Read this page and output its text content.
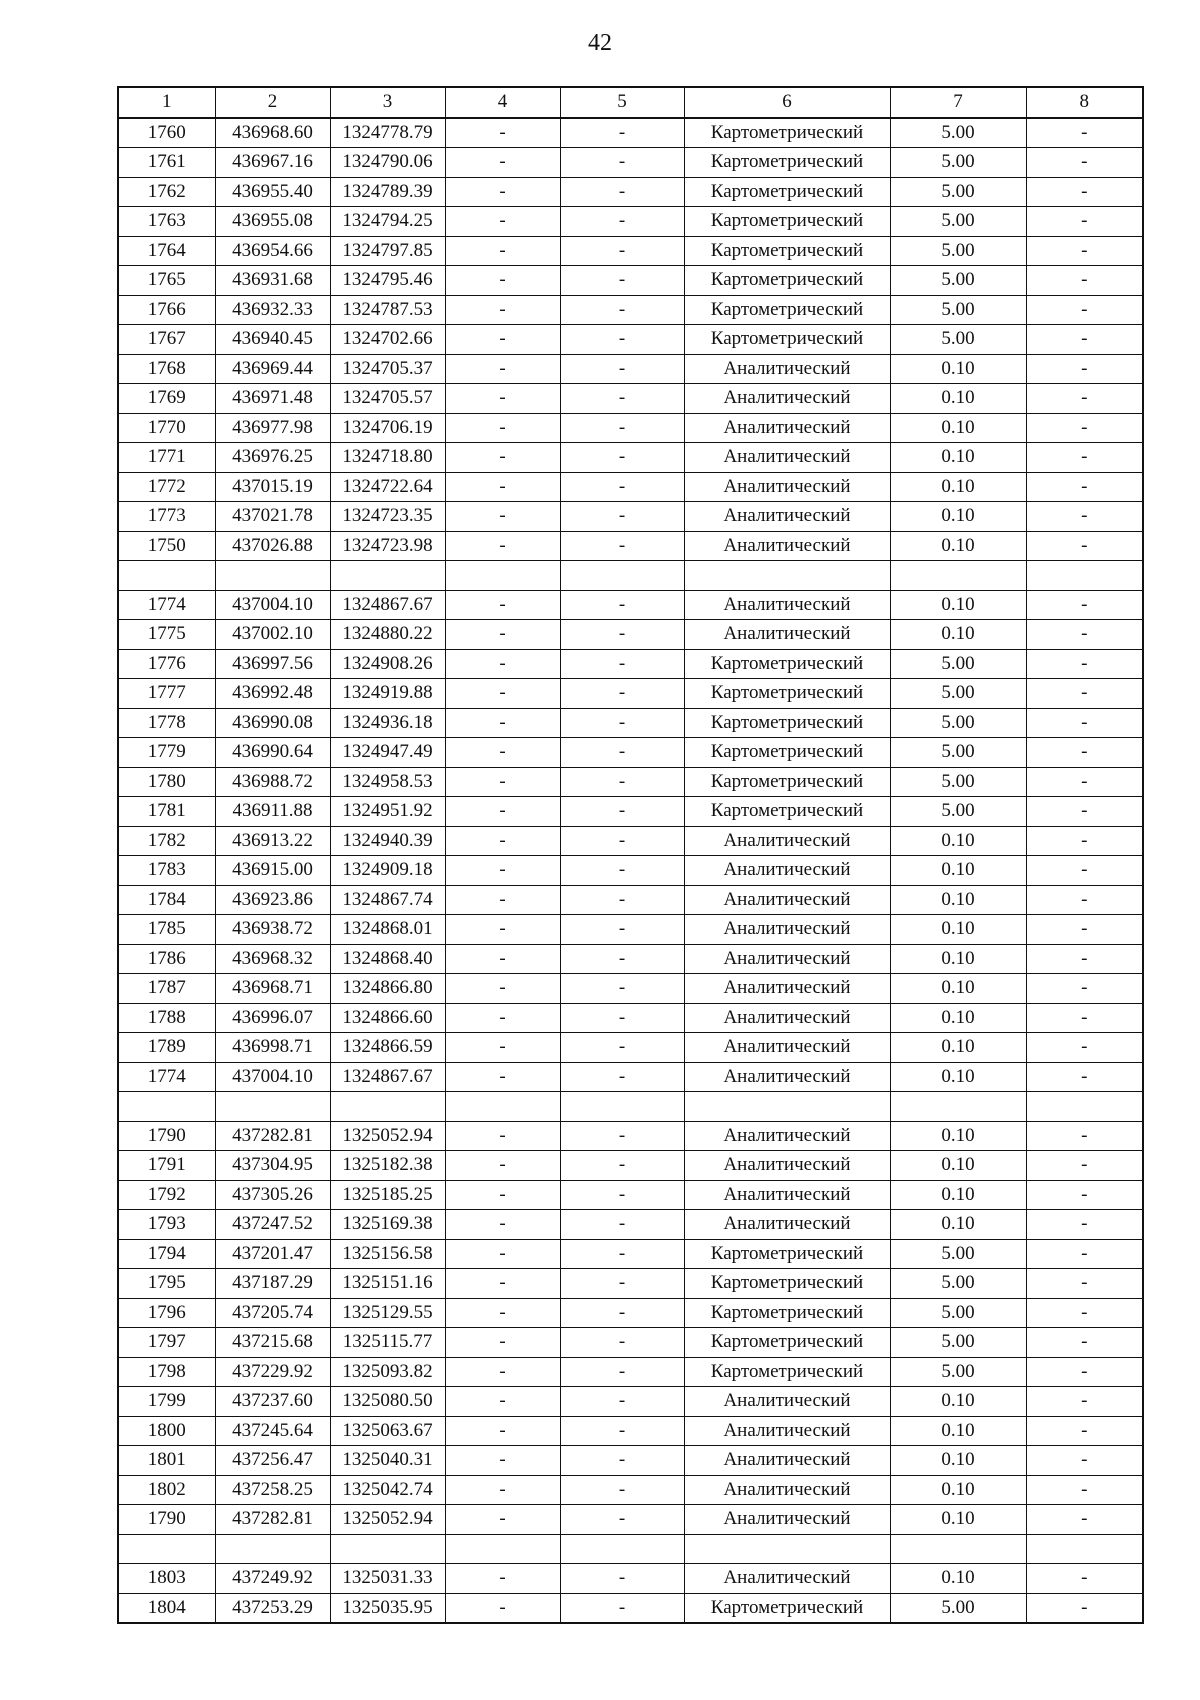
42
1	2	3	4	5	6	7	8
1760	436968.60	1324778.79	-	-	Картометрический	5.00	-
1761	436967.16	1324790.06	-	-	Картометрический	5.00	-
1762	436955.40	1324789.39	-	-	Картометрический	5.00	-
1763	436955.08	1324794.25	-	-	Картометрический	5.00	-
1764	436954.66	1324797.85	-	-	Картометрический	5.00	-
1765	436931.68	1324795.46	-	-	Картометрический	5.00	-
1766	436932.33	1324787.53	-	-	Картометрический	5.00	-
1767	436940.45	1324702.66	-	-	Картометрический	5.00	-
1768	436969.44	1324705.37	-	-	Аналитический	0.10	-
1769	436971.48	1324705.57	-	-	Аналитический	0.10	-
1770	436977.98	1324706.19	-	-	Аналитический	0.10	-
1771	436976.25	1324718.80	-	-	Аналитический	0.10	-
1772	437015.19	1324722.64	-	-	Аналитический	0.10	-
1773	437021.78	1324723.35	-	-	Аналитический	0.10	-
1750	437026.88	1324723.98	-	-	Аналитический	0.10	-

1774	437004.10	1324867.67	-	-	Аналитический	0.10	-
1775	437002.10	1324880.22	-	-	Аналитический	0.10	-
1776	436997.56	1324908.26	-	-	Картометрический	5.00	-
1777	436992.48	1324919.88	-	-	Картометрический	5.00	-
1778	436990.08	1324936.18	-	-	Картометрический	5.00	-
1779	436990.64	1324947.49	-	-	Картометрический	5.00	-
1780	436988.72	1324958.53	-	-	Картометрический	5.00	-
1781	436911.88	1324951.92	-	-	Картометрический	5.00	-
1782	436913.22	1324940.39	-	-	Аналитический	0.10	-
1783	436915.00	1324909.18	-	-	Аналитический	0.10	-
1784	436923.86	1324867.74	-	-	Аналитический	0.10	-
1785	436938.72	1324868.01	-	-	Аналитический	0.10	-
1786	436968.32	1324868.40	-	-	Аналитический	0.10	-
1787	436968.71	1324866.80	-	-	Аналитический	0.10	-
1788	436996.07	1324866.60	-	-	Аналитический	0.10	-
1789	436998.71	1324866.59	-	-	Аналитический	0.10	-
1774	437004.10	1324867.67	-	-	Аналитический	0.10	-

1790	437282.81	1325052.94	-	-	Аналитический	0.10	-
1791	437304.95	1325182.38	-	-	Аналитический	0.10	-
1792	437305.26	1325185.25	-	-	Аналитический	0.10	-
1793	437247.52	1325169.38	-	-	Аналитический	0.10	-
1794	437201.47	1325156.58	-	-	Картометрический	5.00	-
1795	437187.29	1325151.16	-	-	Картометрический	5.00	-
1796	437205.74	1325129.55	-	-	Картометрический	5.00	-
1797	437215.68	1325115.77	-	-	Картометрический	5.00	-
1798	437229.92	1325093.82	-	-	Картометрический	5.00	-
1799	437237.60	1325080.50	-	-	Аналитический	0.10	-
1800	437245.64	1325063.67	-	-	Аналитический	0.10	-
1801	437256.47	1325040.31	-	-	Аналитический	0.10	-
1802	437258.25	1325042.74	-	-	Аналитический	0.10	-
1790	437282.81	1325052.94	-	-	Аналитический	0.10	-

1803	437249.92	1325031.33	-	-	Аналитический	0.10	-
1804	437253.29	1325035.95	-	-	Картометрический	5.00	-
